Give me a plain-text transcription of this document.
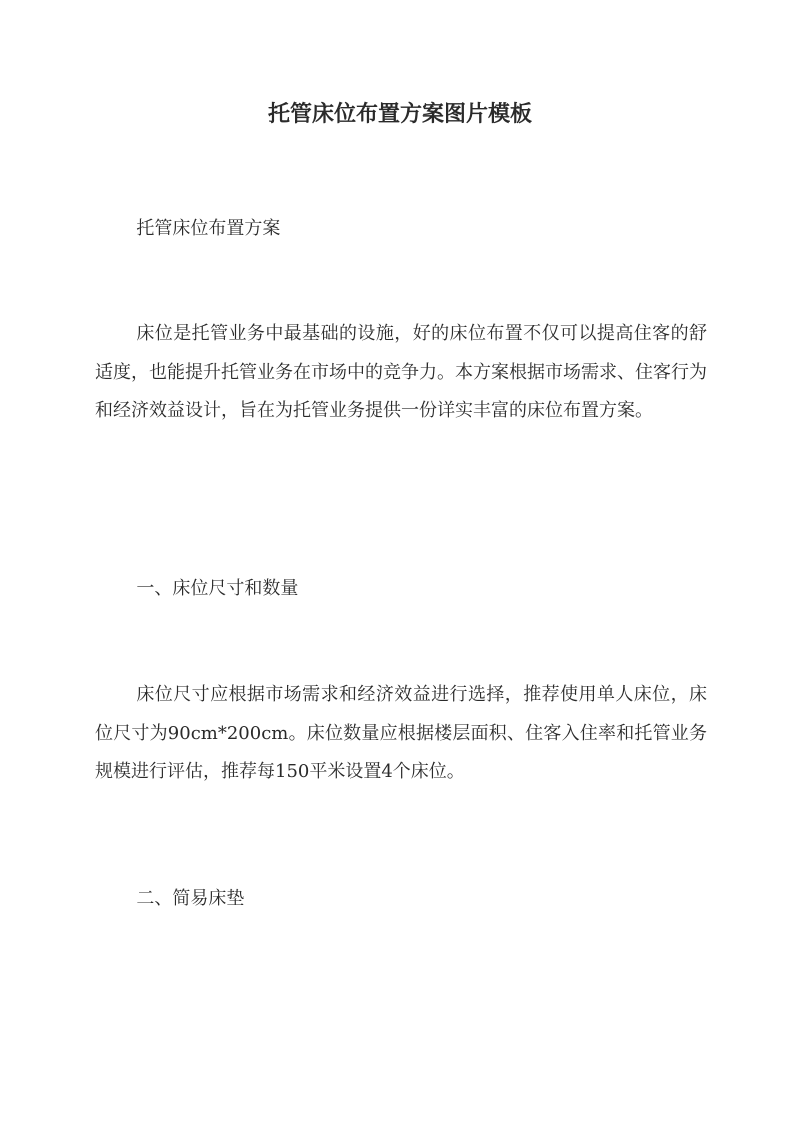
托管床位布置方案图片模板

托管床位布置方案

床位是托管业务中最基础的设施，好的床位布置不仅可以提高住客的舒适度，也能提升托管业务在市场中的竞争力。本方案根据市场需求、住客行为和经济效益设计，旨在为托管业务提供一份详实丰富的床位布置方案。

一、床位尺寸和数量

床位尺寸应根据市场需求和经济效益进行选择，推荐使用单人床位，床位尺寸为90cm*200cm。床位数量应根据楼层面积、住客入住率和托管业务规模进行评估，推荐每150平米设置4个床位。

二、简易床垫
